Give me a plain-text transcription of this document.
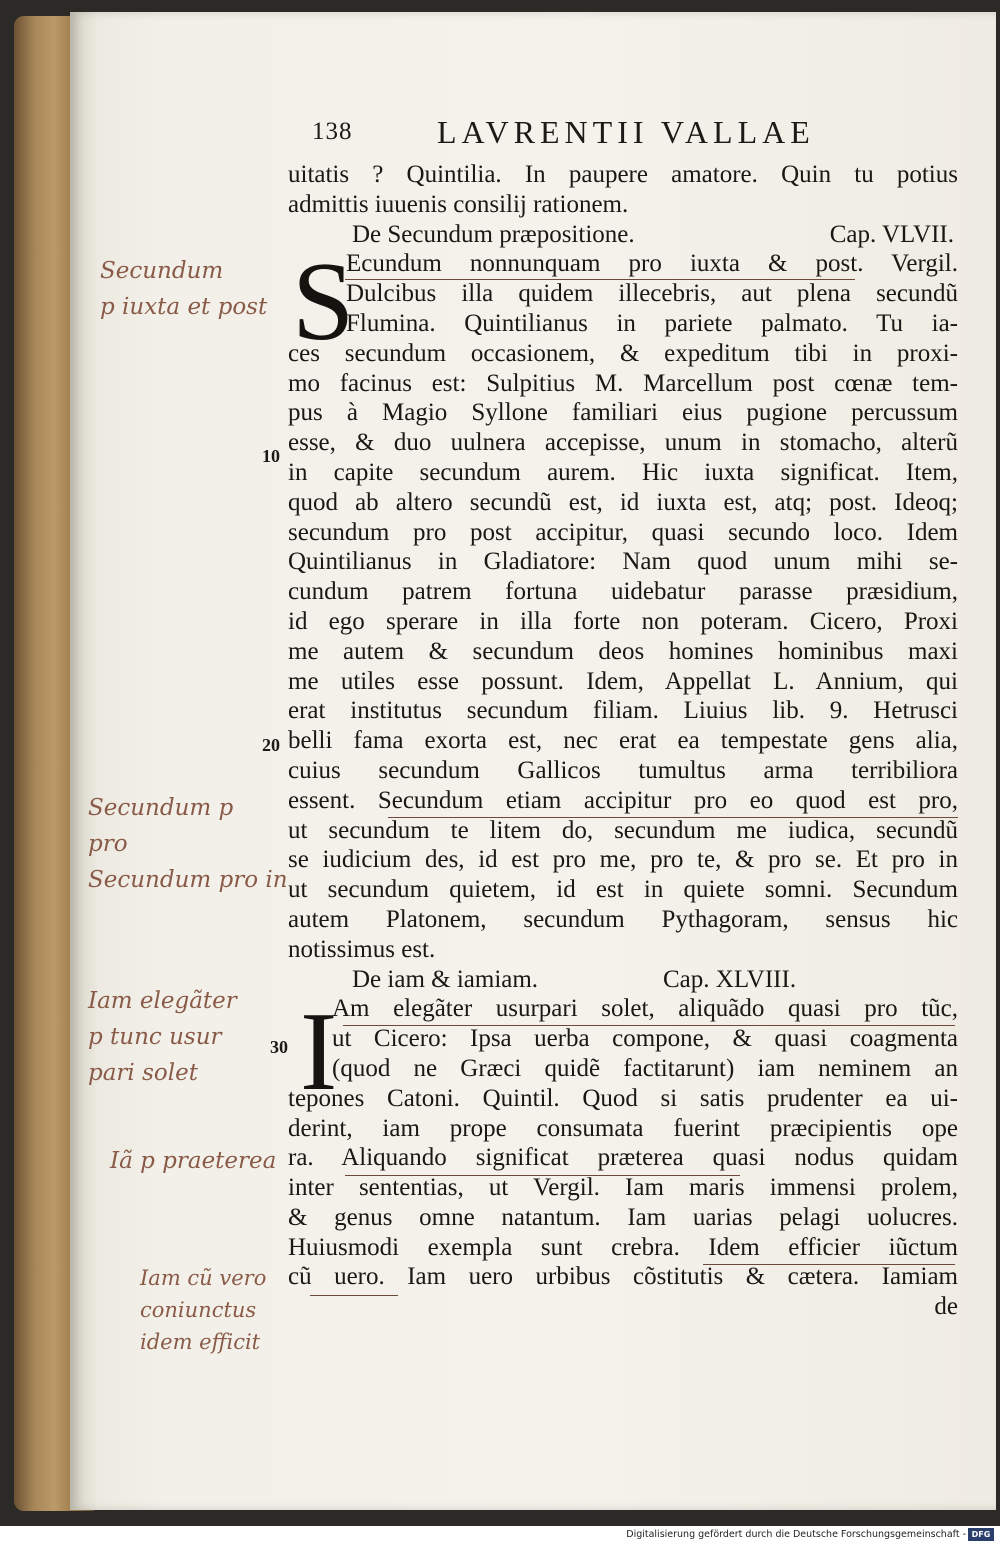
138	LAVRENTII VALLAE
S
I
10
20
30
uitatis ? Quintilia. In paupere amatore. Quin tu potius
admittis iuuenis consilij rationem.
De Secundum præpositione.	Cap. VLVII.
Ecundum nonnunquam pro iuxta & post. Vergil.
Dulcibus illa quidem illecebris, aut plena secundũ
Flumina. Quintilianus in pariete palmato. Tu ia-
ces secundum occasionem, & expeditum tibi in proxi-
mo facinus est: Sulpitius M. Marcellum post cœnæ tem-
pus à Magio Syllone familiari eius pugione percussum
esse, & duo uulnera accepisse, unum in stomacho, alterũ
in capite secundum aurem. Hic iuxta significat. Item,
quod ab altero secundũ est, id iuxta est, atq; post. Ideoq;
secundum pro post accipitur, quasi secundo loco. Idem
Quintilianus in Gladiatore: Nam quod unum mihi se-
cundum patrem fortuna uidebatur parasse præsidium,
id ego sperare in illa forte non poteram. Cicero, Proxi
me autem & secundum deos homines hominibus maxi
me utiles esse possunt. Idem, Appellat L. Annium, qui
erat institutus secundum filiam. Liuius lib. 9. Hetrusci
belli fama exorta est, nec erat ea tempestate gens alia,
cuius secundum Gallicos tumultus arma terribiliora
essent. Secundum etiam accipitur pro eo quod est pro,
ut secundum te litem do, secundum me iudica, secundũ
se iudicium des, id est pro me, pro te, & pro se. Et pro in
ut secundum quietem, id est in quiete somni. Secundum
autem Platonem, secundum Pythagoram, sensus hic
notissimus est.
De iam & iamiam.	Cap. XLVIII.
Am elegãter usurpari solet, aliquãdo quasi pro tũc,
ut Cicero: Ipsa uerba compone, & quasi coagmenta
(quod ne Græci quidẽ factitarunt) iam neminem an
tepones Catoni. Quintil. Quod si satis prudenter ea ui-
derint, iam prope consumata fuerint præcipientis ope
ra. Aliquando significat præterea quasi nodus quidam
inter sententias, ut Vergil. Iam maris immensi prolem,
& genus omne natantum. Iam uarias pelagi uolucres.
Huiusmodi exempla sunt crebra. Idem efficier iũctum
cũ uero. Iam uero urbibus cõstitutis & cætera. Iamiam
de
Secundum
p iuxta et post
Secundum p
pro
Secundum pro in
Iam elegãter
p tunc usur
pari solet
Iã p praeterea
Iam cũ vero
coniunctus
idem efficit
Digitalisierung gefördert durch die Deutsche Forschungsgemeinschaft - DFG
